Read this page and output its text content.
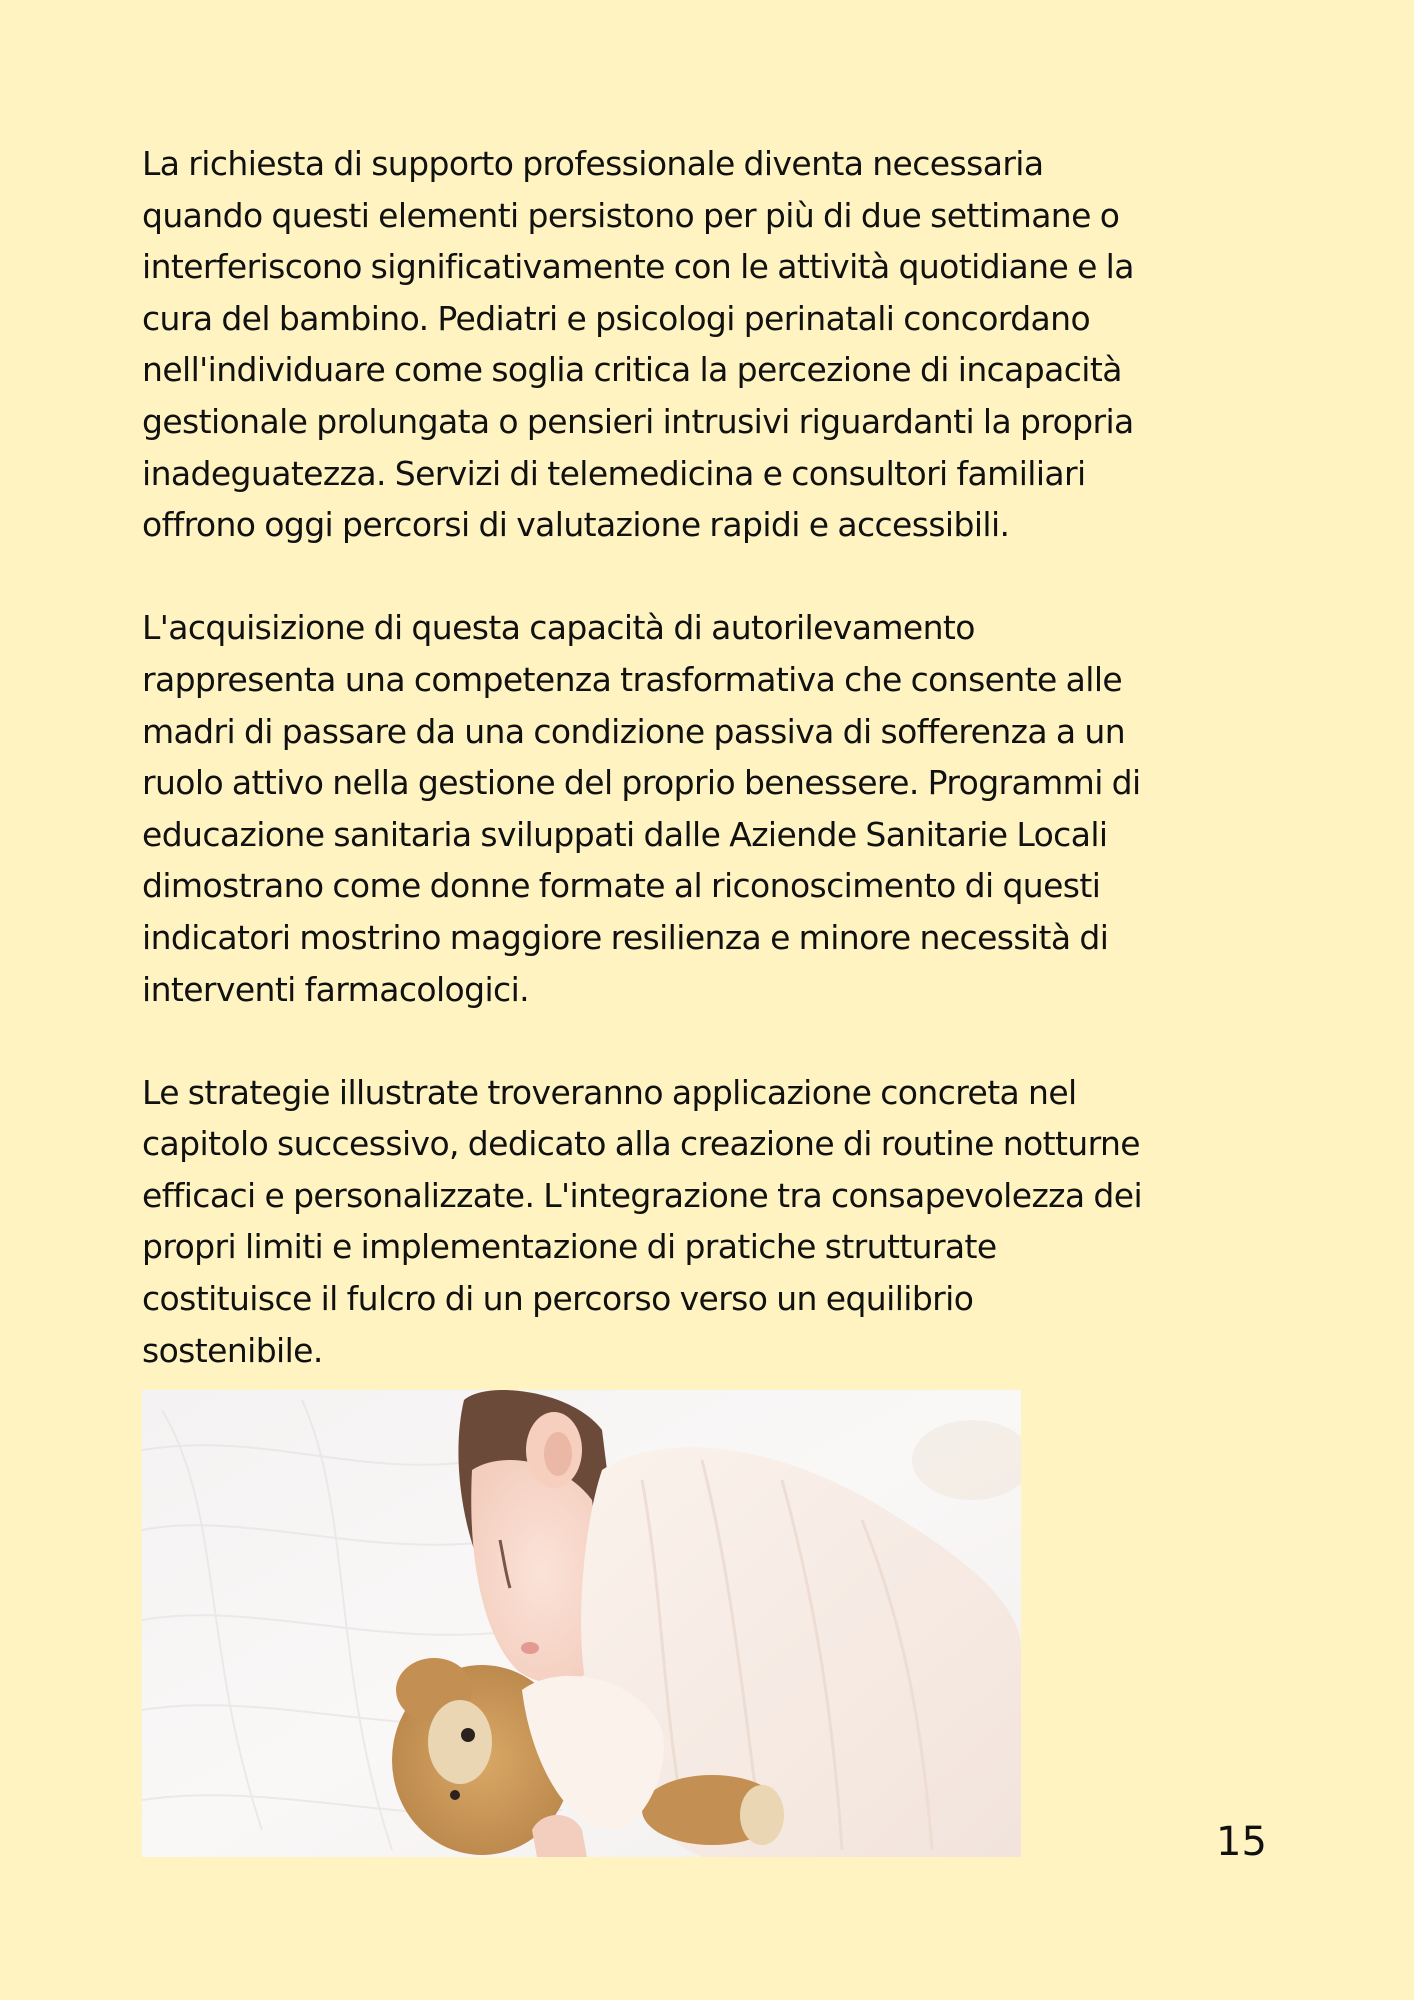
La richiesta di supporto professionale diventa necessaria
quando questi elementi persistono per più di due settimane o
interferiscono significativamente con le attività quotidiane e la
cura del bambino. Pediatri e psicologi perinatali concordano
nell'individuare come soglia critica la percezione di incapacità
gestionale prolungata o pensieri intrusivi riguardanti la propria
inadeguatezza. Servizi di telemedicina e consultori familiari
offrono oggi percorsi di valutazione rapidi e accessibili.

L'acquisizione di questa capacità di autorilevamento
rappresenta una competenza trasformativa che consente alle
madri di passare da una condizione passiva di sofferenza a un
ruolo attivo nella gestione del proprio benessere. Programmi di
educazione sanitaria sviluppati dalle Aziende Sanitarie Locali
dimostrano come donne formate al riconoscimento di questi
indicatori mostrino maggiore resilienza e minore necessità di
interventi farmacologici.

Le strategie illustrate troveranno applicazione concreta nel
capitolo successivo, dedicato alla creazione di routine notturne
efficaci e personalizzate. L'integrazione tra consapevolezza dei
propri limiti e implementazione di pratiche strutturate
costituisce il fulcro di un percorso verso un equilibrio
sostenibile.

15
